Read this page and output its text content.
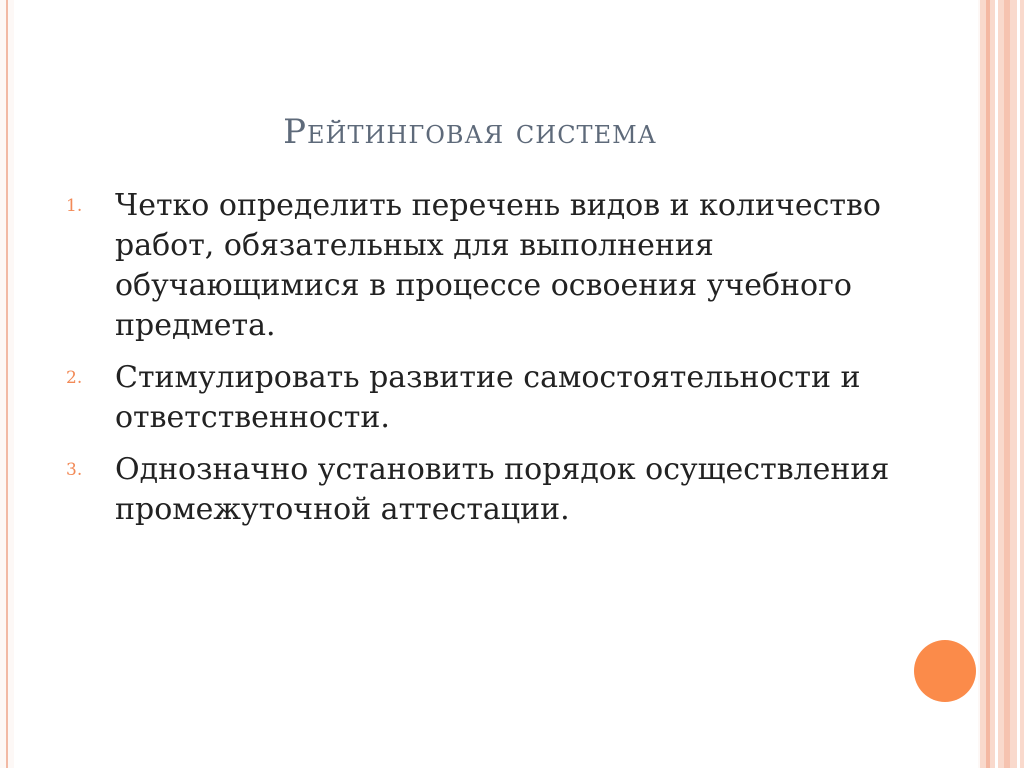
Рейтинговая система
1. Четко определить перечень видов и количество работ, обязательных для выполнения обучающимися в процессе освоения учебного предмета.
2. Стимулировать развитие самостоятельности и ответственности.
3. Однозначно установить порядок осуществления промежуточной аттестации.
